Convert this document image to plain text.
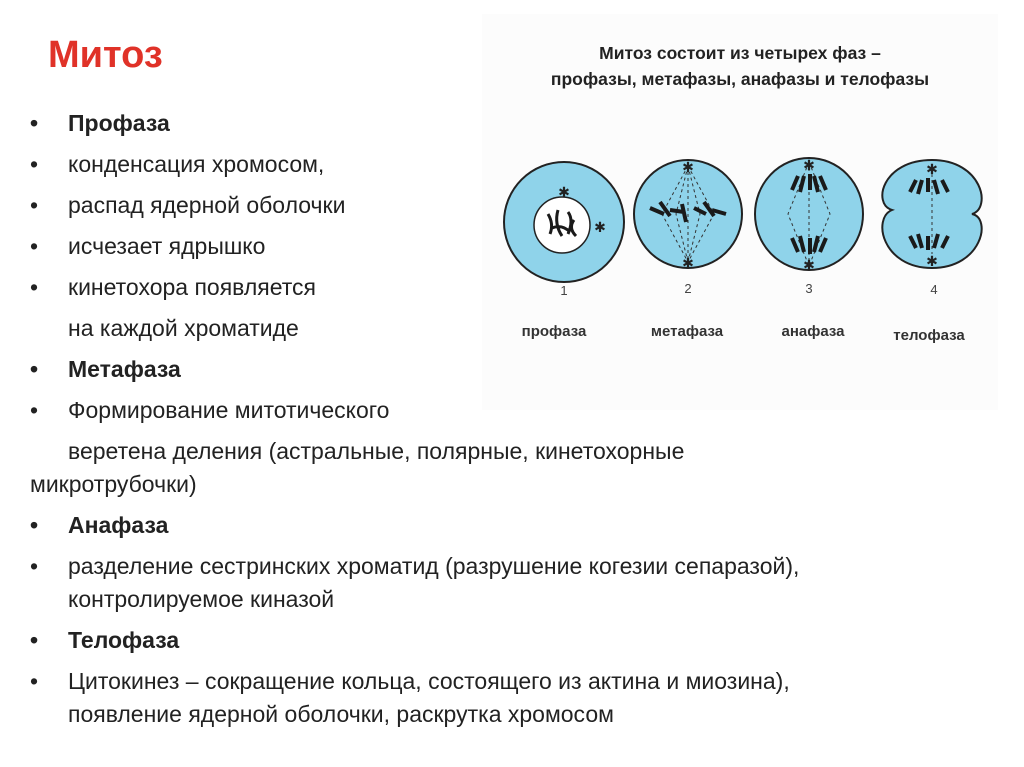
Митоз	Митоз состоит из четырех фаз –
профазы, метафазы, анафазы и телофазы
✱
✱
✱
✱
✱
✱
✱
✱
1	2	3	4
профаза	метафаза	анафаза	телофаза
• Профаза
• конденсация хромосом,
• распад ядерной оболочки
• исчезает ядрышко
• кинетохора появляется
на каждой хроматиде
• Метафаза
• Формирование митотического
веретена деления (астральные, полярные, кинетохорные
микротрубочки)
• Анафаза
• разделение сестринских хроматид (разрушение когезии сепаразой),
контролируемое киназой
• Телофаза
• Цитокинез – сокращение кольца, состоящего из актина и миозина),
появление ядерной оболочки, раскрутка хромосом
